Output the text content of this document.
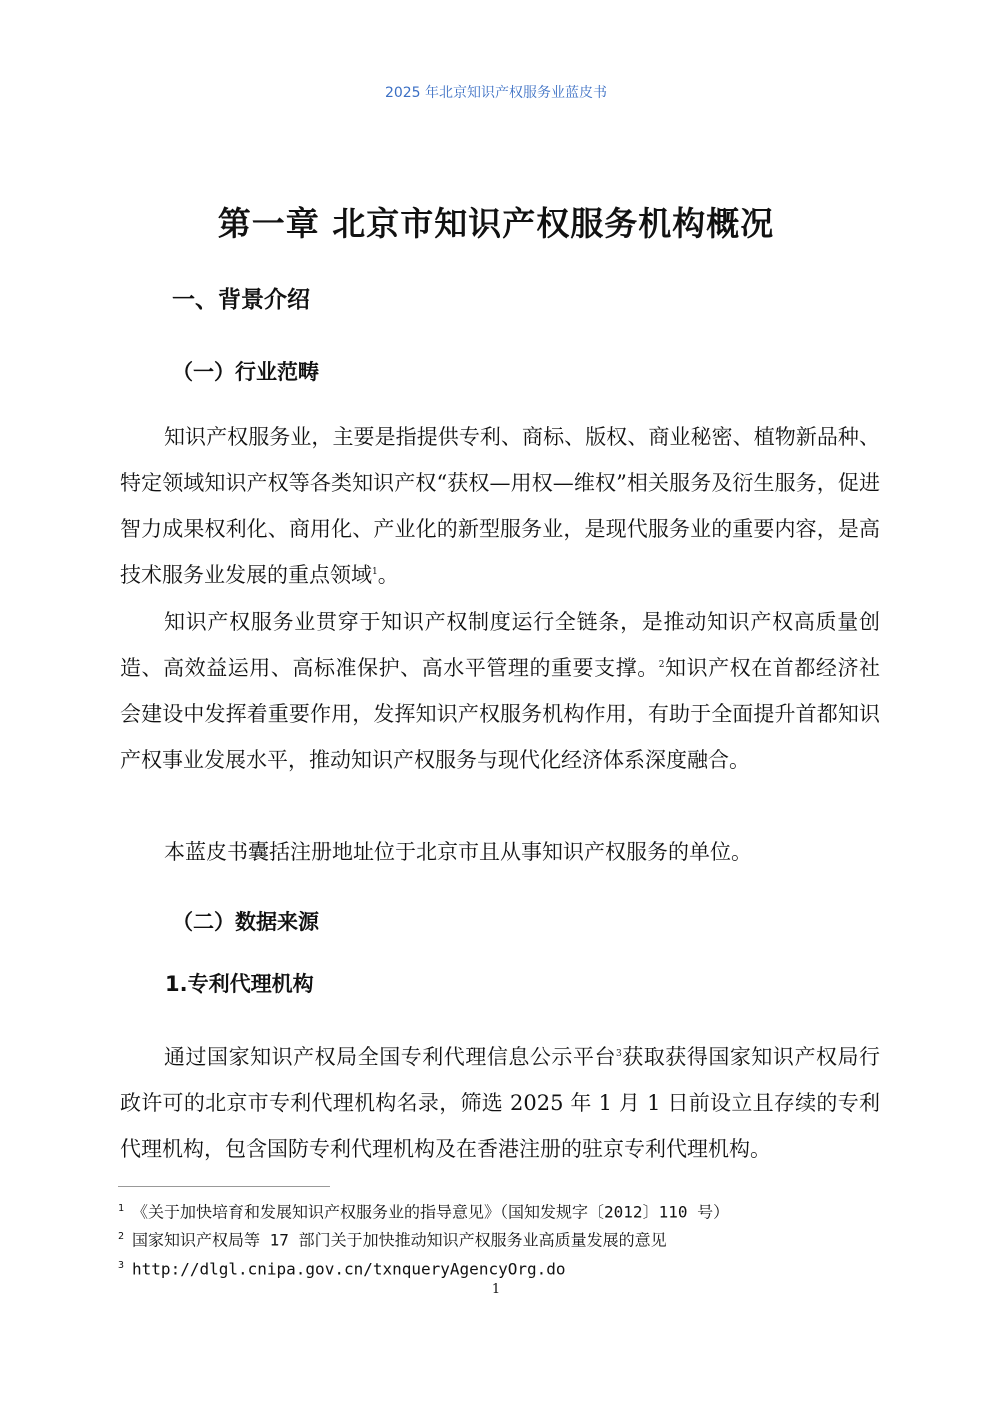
2025 年北京知识产权服务业蓝皮书
第一章 北京市知识产权服务机构概况
一、背景介绍
（一）行业范畴

知识产权服务业，主要是指提供专利、商标、版权、商业秘密、植物新品种、特定领域知识产权等各类知识产权“获权—用权—维权”相关服务及衍生服务，促进智力成果权利化、商用化、产业化的新型服务业，是现代服务业的重要内容，是高技术服务业发展的重点领域$^1$。

知识产权服务业贯穿于知识产权制度运行全链条，是推动知识产权高质量创造、高效益运用、高标准保护、高水平管理的重要支撑。$^2$知识产权在首都经济社会建设中发挥着重要作用，发挥知识产权服务机构作用，有助于全面提升首都知识产权事业发展水平，推动知识产权服务与现代化经济体系深度融合。

本蓝皮书囊括注册地址位于北京市且从事知识产权服务的单位。

（二）数据来源
1.专利代理机构

通过国家知识产权局全国专利代理信息公示平台$^3$获取获得国家知识产权局行政许可的北京市专利代理机构名录，筛选 2025 年 1 月 1 日前设立且存续的专利代理机构，包含国防专利代理机构及在香港注册的驻京专利代理机构。

$^1$ 《关于加快培育和发展知识产权服务业的指导意见》（国知发规字〔2012〕110 号）
$^2$ 国家知识产权局等 17 部门关于加快推动知识产权服务业高质量发展的意见
$^3$ http://dlgl.cnipa.gov.cn/txnqueryAgencyOrg.do
1
